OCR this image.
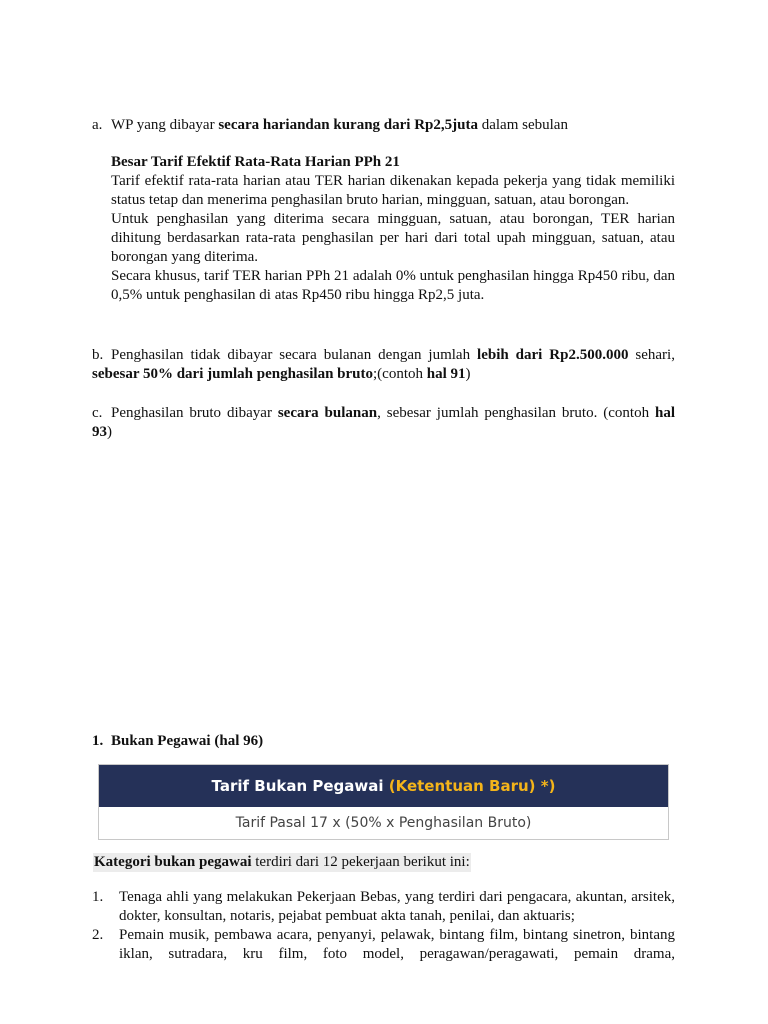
a. WP yang dibayar secara hariandan kurang dari Rp2,5juta dalam sebulan

Besar Tarif Efektif Rata-Rata Harian PPh 21

Tarif efektif rata-rata harian atau TER harian dikenakan kepada pekerja yang tidak memiliki status tetap dan menerima penghasilan bruto harian, mingguan, satuan, atau borongan.

Untuk penghasilan yang diterima secara mingguan, satuan, atau borongan, TER harian dihitung berdasarkan rata-rata penghasilan per hari dari total upah mingguan, satuan, atau borongan yang diterima.

Secara khusus, tarif TER harian PPh 21 adalah 0% untuk penghasilan hingga Rp450 ribu, dan 0,5% untuk penghasilan di atas Rp450 ribu hingga Rp2,5 juta.

b. Penghasilan tidak dibayar secara bulanan dengan jumlah lebih dari Rp2.500.000 sehari, sebesar 50% dari jumlah penghasilan bruto;(contoh hal 91)
c. Penghasilan bruto dibayar secara bulanan, sebesar jumlah penghasilan bruto. (contoh hal 93)
1. Bukan Pegawai (hal 96)
Tarif Bukan Pegawai (Ketentuan Baru) *)
Tarif Pasal 17 x (50% x Penghasilan Bruto)
Kategori bukan pegawai terdiri dari 12 pekerjaan berikut ini:
1.	Tenaga ahli yang melakukan Pekerjaan Bebas, yang terdiri dari pengacara, akuntan, arsitek, dokter, konsultan, notaris, pejabat pembuat akta tanah, penilai, dan aktuaris;
2.	Pemain musik, pembawa acara, penyanyi, pelawak, bintang film, bintang sinetron, bintang iklan, sutradara, kru film, foto model, peragawan/peragawati, pemain drama,
